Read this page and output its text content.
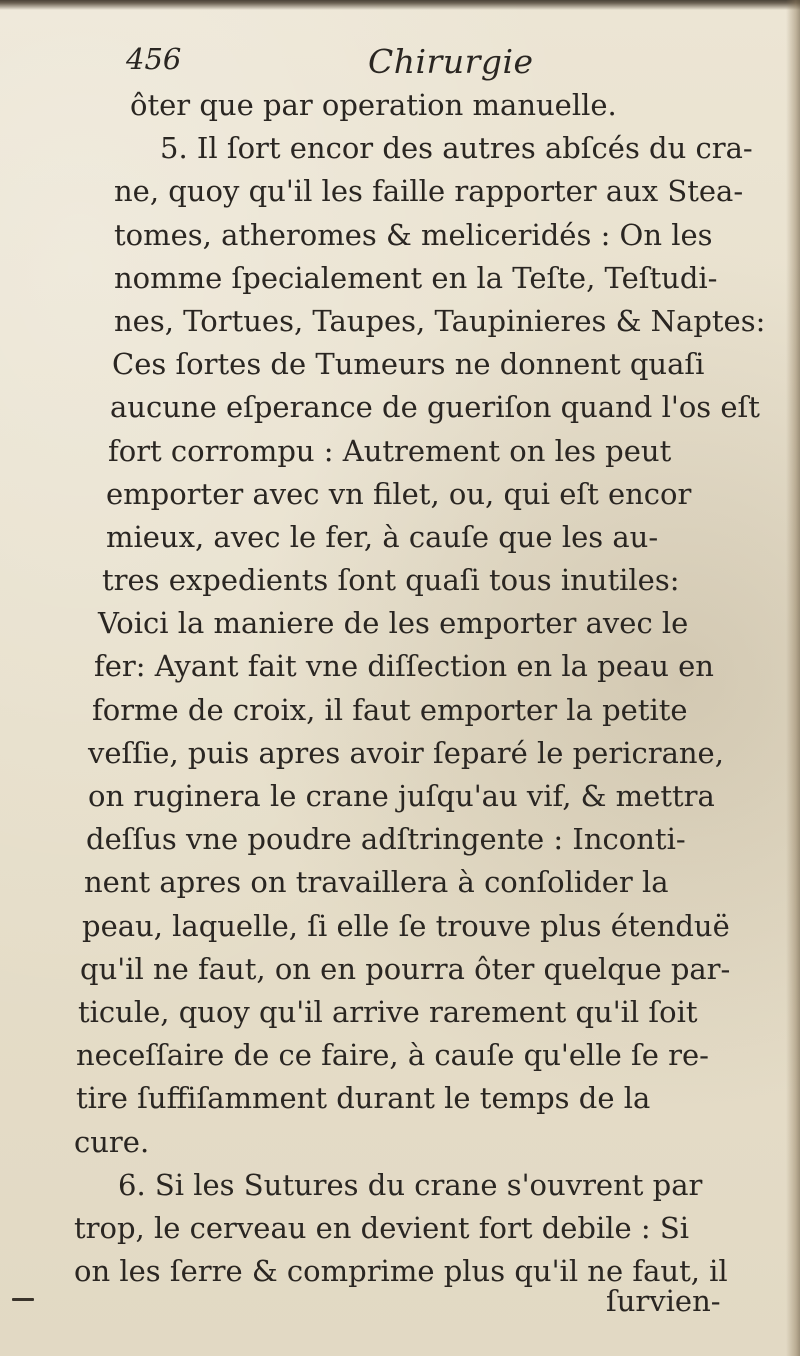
456	Chirurgie
ôter que par operation manuelle.
5. Il ſort encor des autres abſcés du cra-
ne, quoy qu'il les faille rapporter aux Stea-
tomes, atheromes & meliceridés : On les
nomme ſpecialement en la Teſte, Teſtudi-
nes, Tortues, Taupes, Taupinieres & Naptes:
Ces ſortes de Tumeurs ne donnent quaſi
aucune eſperance de gueriſon quand l'os eſt
fort corrompu : Autrement on les peut
emporter avec vn filet, ou, qui eſt encor
mieux, avec le fer, à cauſe que les au-
tres expedients ſont quaſi tous inutiles:
Voici la maniere de les emporter avec le
fer: Ayant fait vne diſſection en la peau en
forme de croix, il faut emporter la petite
veſſie, puis apres avoir ſeparé le pericrane,
on ruginera le crane juſqu'au vif, & mettra
deſſus vne poudre adſtringente : Inconti-
nent apres on travaillera à conſolider la
peau, laquelle, ſi elle ſe trouve plus étenduë
qu'il ne faut, on en pourra ôter quelque par-
ticule, quoy qu'il arrive rarement qu'il ſoit
neceſſaire de ce faire, à cauſe qu'elle ſe re-
tire ſuffiſamment durant le temps de la
cure.
6. Si les Sutures du crane s'ouvrent par
trop, le cerveau en devient fort debile : Si
on les ſerre & comprime plus qu'il ne faut, il
ſurvien-
